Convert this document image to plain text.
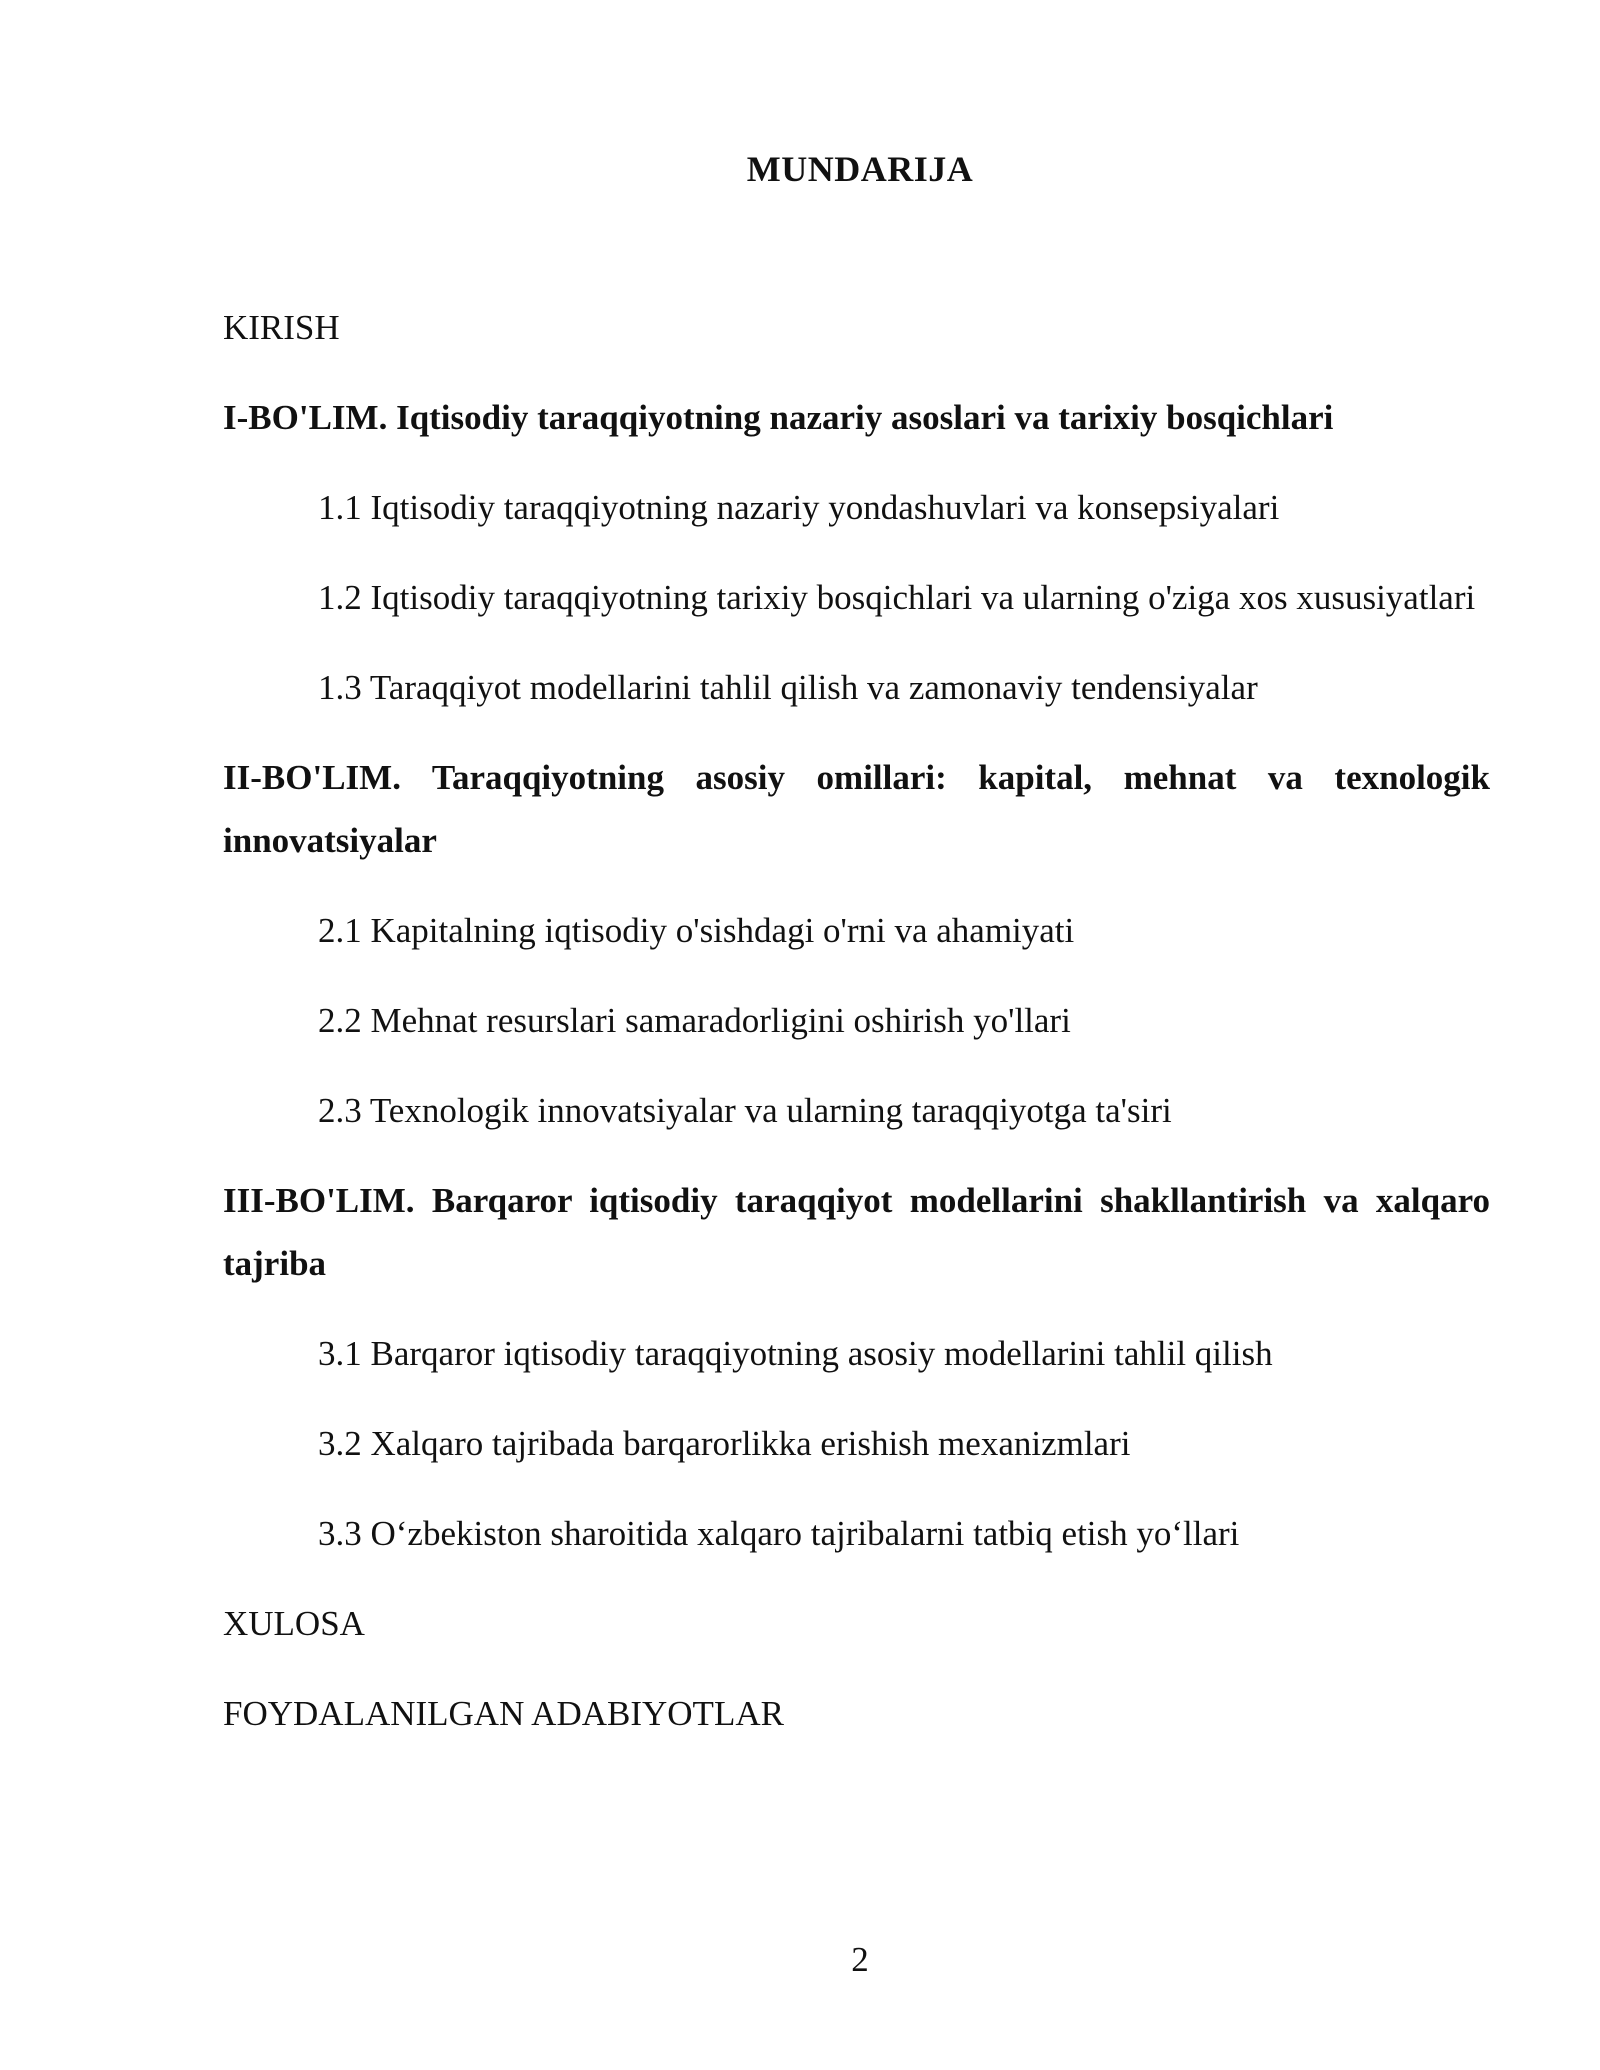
MUNDARIJA

KIRISH

I-BO'LIM. Iqtisodiy taraqqiyotning nazariy asoslari va tarixiy bosqichlari

1.1 Iqtisodiy taraqqiyotning nazariy yondashuvlari va konsepsiyalari

1.2 Iqtisodiy taraqqiyotning tarixiy bosqichlari va ularning o'ziga xos xususiyatlari

1.3 Taraqqiyot modellarini tahlil qilish va zamonaviy tendensiyalar

II-BO'LIM. Taraqqiyotning asosiy omillari: kapital, mehnat va texnologik innovatsiyalar

2.1 Kapitalning iqtisodiy o'sishdagi o'rni va ahamiyati

2.2 Mehnat resurslari samaradorligini oshirish yo'llari

2.3 Texnologik innovatsiyalar va ularning taraqqiyotga ta'siri

III-BO'LIM. Barqaror iqtisodiy taraqqiyot modellarini shakllantirish va xalqaro tajriba

3.1 Barqaror iqtisodiy taraqqiyotning asosiy modellarini tahlil qilish

3.2 Xalqaro tajribada barqarorlikka erishish mexanizmlari

3.3 O‘zbekiston sharoitida xalqaro tajribalarni tatbiq etish yo‘llari

XULOSA

FOYDALANILGAN ADABIYOTLAR

2
